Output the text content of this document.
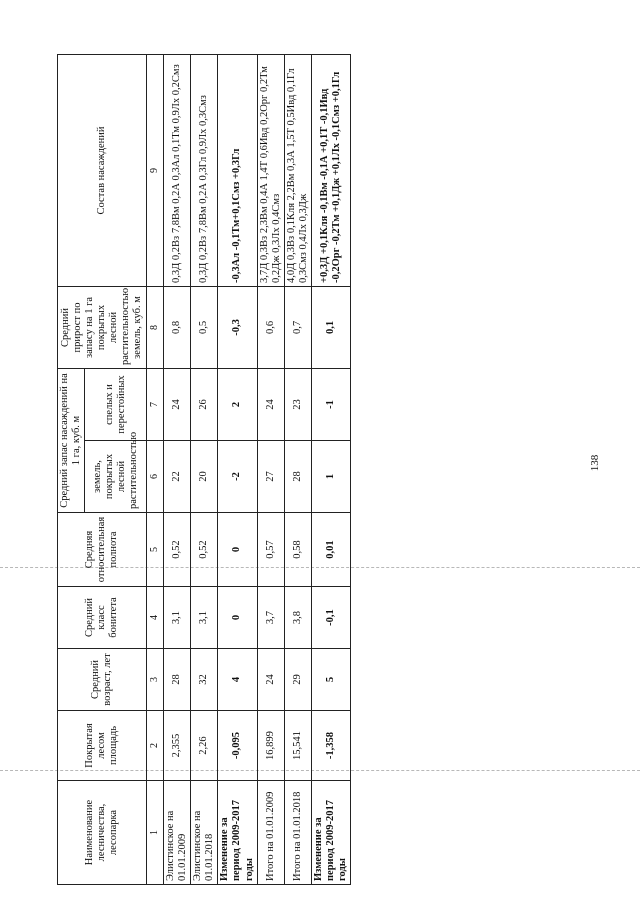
138
Наименование лесничества, лесопарка	Покрытая лесом площадь	Средний возраст, лет	Средний класс бонитета	Средняя относительная полнота	Средний запас насаждений на 1 га, куб. м		Средний прирост по запасу на 1 га покрытых лесной растительностью земель, куб. м	Состав насаждений
					земель, покрытых лесной растительностью	спелых и перестойных		
1	2	3	4	5	6	7	8	9
Элистинское на 01.01.2009	2,355	28	3,1	0,52	22	24	0,8	0,3Д 0,2Вз 7,8Вм 0,2А 0,3Ал 0,1Тм 0,9Лх 0,2Смз
Элистинское на 01.01.2018	2,26	32	3,1	0,52	20	26	0,5	0,3Д 0,2Вз 7,8Вм 0,2А 0,3Гл 0,9Лх 0,3Смз
Изменение за период 2009-2017 годы	-0,095	4	0	0	-2	2	-0,3	-0,3Ал -0,1Тм+0,1Смз +0,3Гл
Итого на 01.01.2009	16,899	24	3,7	0,57	27	24	0,6	3,7Д 0,3Вз 2,3Вм 0,4А 1,4Т 0,6Ивд 0,2Орг 0,2Тм 0,2Дж 0,3Лх 0,4Смз
Итого на 01.01.2018	15,541	29	3,8	0,58	28	23	0,7	4,0Д 0,3Вз 0,1Кля 2,2Вм 0,3А 1,5Т 0,5Ивд 0,1Гл 0,3Смз 0,4Лх 0,3Дж
Изменение за период 2009-2017 годы	-1,358	5	-0,1	0,01	1	-1	0,1	+0,3Д +0,1Кля -0,1Вм -0,1А +0,1Т -0,1Ивд -0,2Орг -0,2Тм +0,1Дж +0,1Лх -0,1Смз +0,1Гл
